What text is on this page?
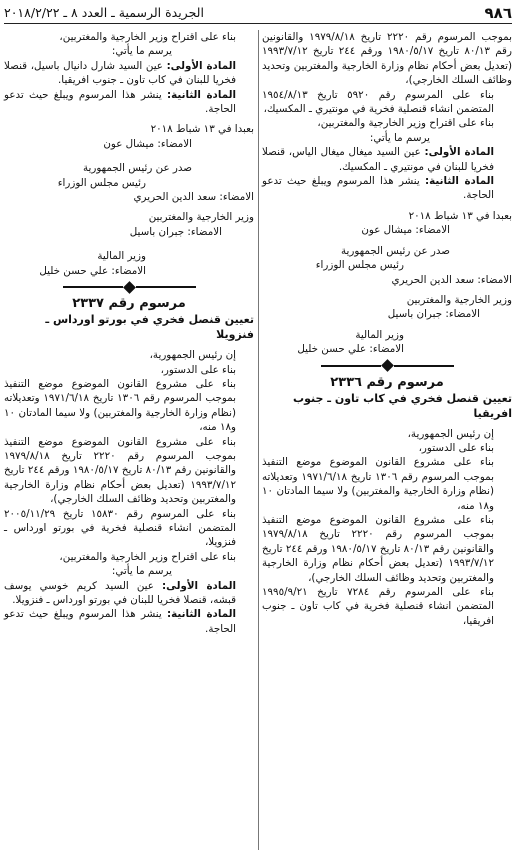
٩٨٦
الجريدة الرسمية ـ العدد ٨ ـ ٢٠١٨/٢/٢٢

بموجب المرسوم رقم ٢٢٢٠ تاريخ ١٩٧٩/٨/١٨ والقانونين رقم ٨٠/١٣ تاريخ ١٩٨٠/٥/١٧ ورقم ٢٤٤ تاريخ ١٩٩٣/٧/١٢ (تعديل بعض أحكام نظام وزارة الخارجية والمغتربين وتحديد وظائف السلك الخارجي)،

بناء على المرسوم رقم ٥٩٢٠ تاريخ ١٩٥٤/٨/١٣ المتضمن انشاء قنصلية فخرية في مونتيري ـ المكسيك،

بناء على اقتراح وزير الخارجية والمغتربين،

يرسم ما يأتي:

المادة الأولى: عين السيد ميغال ميغال الياس، قنصلا فخريا للبنان في مونتيري ـ المكسيك.

المادة الثانية: ينشر هذا المرسوم ويبلغ حيث تدعو الحاجة.

بعبدا في ١٣ شباط ٢٠١٨

الامضاء: ميشال عون

صدر عن رئيس الجمهورية

رئيس مجلس الوزراء

الامضاء: سعد الدين الحريري

وزير الخارجية والمغتربين

الامضاء: جبران باسيل

وزير المالية

الامضاء: علي حسن خليل

مرسوم رقم ٢٣٣٦

تعيين قنصل فخري في كاب تاون ـ جنوب افريقيا

إن رئيس الجمهورية،

بناء على الدستور،

بناء على مشروع القانون الموضوع موضع التنفيذ بموجب المرسوم رقم ١٣٠٦ تاريخ ١٩٧١/٦/١٨ وتعديلاته (نظام وزارة الخارجية والمغتربين) ولا سيما المادتان ١٠ و١٨ منه،

بناء على مشروع القانون الموضوع موضع التنفيذ بموجب المرسوم رقم ٢٢٢٠ تاريخ ١٩٧٩/٨/١٨ والقانونين رقم ٨٠/١٣ تاريخ ١٩٨٠/٥/١٧ ورقم ٢٤٤ تاريخ ١٩٩٣/٧/١٢ (تعديل بعض أحكام نظام وزارة الخارجية والمغتربين وتحديد وظائف السلك الخارجي)،

بناء على المرسوم رقم ٧٢٨٤ تاريخ ١٩٩٥/٩/٢١ المتضمن انشاء قنصلية فخرية في كاب تاون ـ جنوب افريقيا،

بناء على اقتراح وزير الخارجية والمغتربين،

يرسم ما يأتي:

المادة الأولى: عين السيد شارل دانيال باسيل، قنصلا فخريا للبنان في كاب تاون ـ جنوب افريقيا.

المادة الثانية: ينشر هذا المرسوم ويبلغ حيث تدعو الحاجة.

بعبدا في ١٣ شباط ٢٠١٨

الامضاء: ميشال عون

صدر عن رئيس الجمهورية

رئيس مجلس الوزراء

الامضاء: سعد الدين الحريري

وزير الخارجية والمغتربين

الامضاء: جبران باسيل

وزير المالية

الامضاء: علي حسن خليل

مرسوم رقم ٢٣٣٧

تعيين قنصل فخري في بورتو اورداس ـ فنزويلا

إن رئيس الجمهورية،

بناء على الدستور،

بناء على مشروع القانون الموضوع موضع التنفيذ بموجب المرسوم رقم ١٣٠٦ تاريخ ١٩٧١/٦/١٨ وتعديلاته (نظام وزارة الخارجية والمغتربين) ولا سيما المادتان ١٠ و١٨ منه،

بناء على مشروع القانون الموضوع موضع التنفيذ بموجب المرسوم رقم ٢٢٢٠ تاريخ ١٩٧٩/٨/١٨ والقانونين رقم ٨٠/١٣ تاريخ ١٩٨٠/٥/١٧ ورقم ٢٤٤ تاريخ ١٩٩٣/٧/١٢ (تعديل بعض أحكام نظام وزارة الخارجية والمغتربين وتحديد وظائف السلك الخارجي)،

بناء على المرسوم رقم ١٥٨٣٠ تاريخ ٢٠٠٥/١١/٢٩ المتضمن انشاء قنصلية فخرية في بورتو اورداس ـ فنزويلا،

بناء على اقتراح وزير الخارجية والمغتربين،

يرسم ما يأتي:

المادة الأولى: عين السيد كريم خوسي يوسف قبشه، قنصلا فخريا للبنان في بورتو اورداس ـ فنزويلا.

المادة الثانية: ينشر هذا المرسوم ويبلغ حيث تدعو الحاجة.
